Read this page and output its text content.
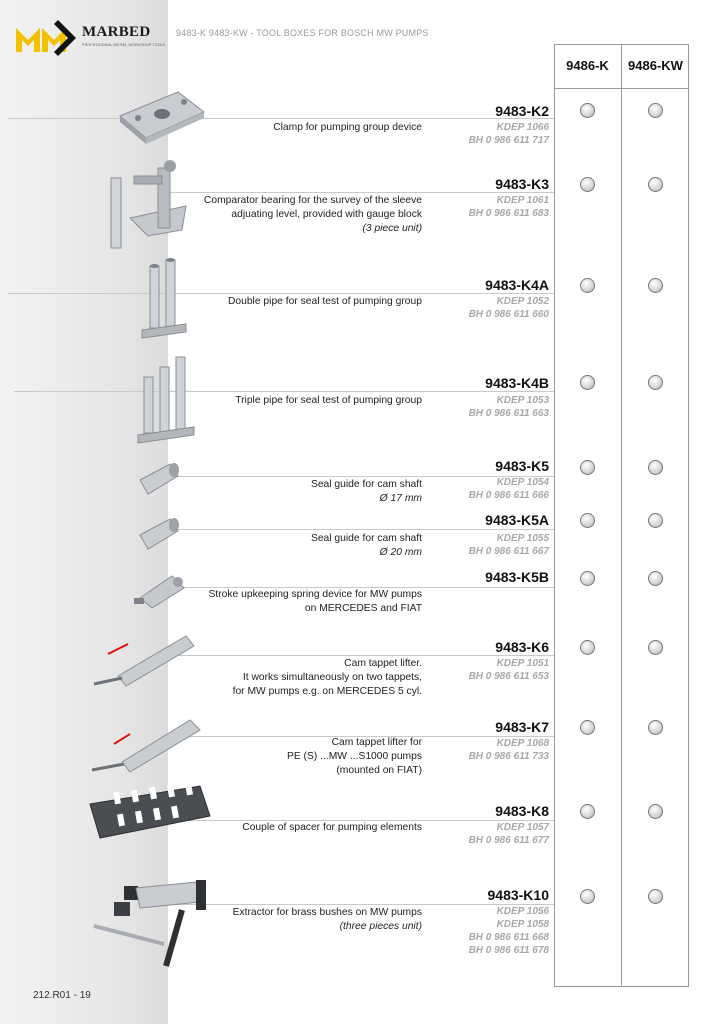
MARBED
PROFESSIONAL DIESEL WORKSHOP TOOLS
9483-K 9483-KW - TOOL BOXES FOR BOSCH MW PUMPS
9486-K	9486-KW
9483-K2
Clamp for pumping group device	KDEP 1066
BH 0 986 611 717
9483-K3
Comparator bearing for the survey of the sleeve
adjuating level, provided with gauge block
(3 piece unit)
KDEP 1061
BH 0 986 611 683
9483-K4A
Double pipe for seal test of pumping group	KDEP 1052
BH 0 986 611 660
9483-K4B
Triple pipe for seal test of pumping group	KDEP 1053
BH 0 986 611 663
9483-K5
Seal guide for cam shaft
Ø 17 mm
KDEP 1054
BH 0 986 611 666
9483-K5A
Seal guide for cam shaft
Ø 20 mm
KDEP 1055
BH 0 986 611 667
9483-K5B
Stroke upkeeping spring device for MW pumps
on MERCEDES and FIAT
9483-K6
Cam tappet lifter.
It works simultaneously on two tappets,
for MW pumps e.g. on MERCEDES 5 cyl.
KDEP 1051
BH 0 986 611 653
9483-K7
Cam tappet lifter for
PE (S) ...MW ...S1000 pumps
(mounted on FIAT)
KDEP 1068
BH 0 986 611 733
9483-K8
Couple of spacer for pumping elements	KDEP 1057
BH 0 986 611 677
9483-K10
Extractor for brass bushes on MW pumps
(three pieces unit)
KDEP 1056
KDEP 1058
BH 0 986 611 668
BH 0 986 611 678
212.R01 - 19
